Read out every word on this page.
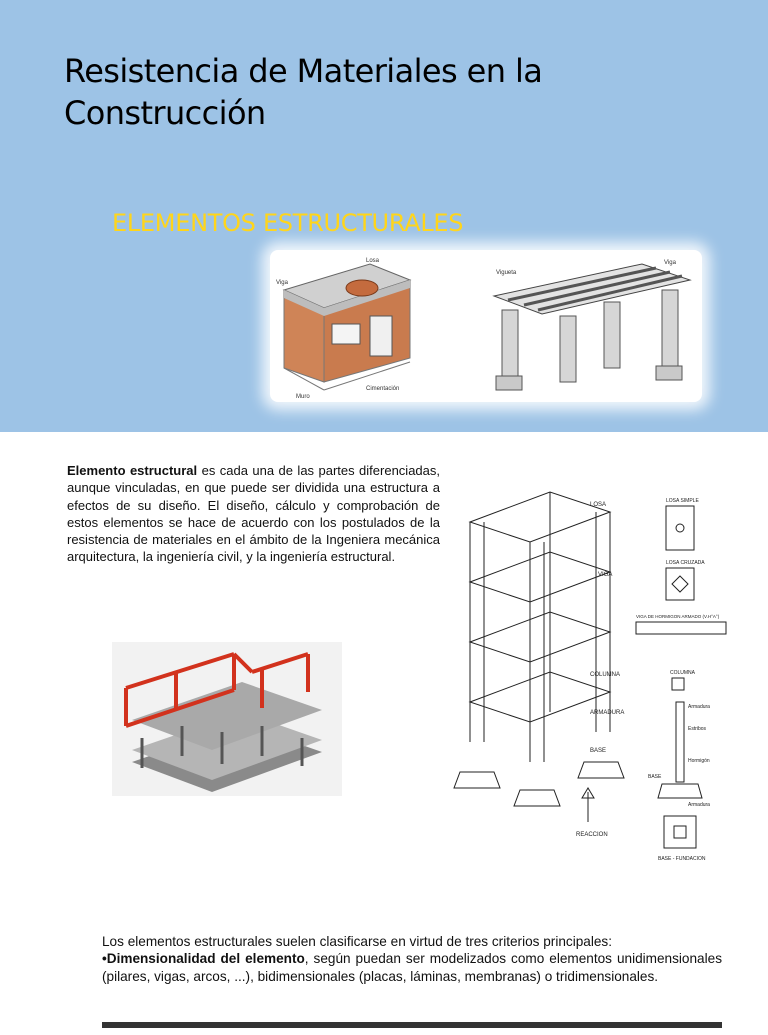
Resistencia de Materiales en la Construcción
ELEMENTOS ESTRUCTURALES
Losa
Viga
Muro
Cimentación
Vigueta
Viga

Elemento estructural es cada una de las partes diferenciadas, aunque vinculadas, en que puede ser dividida una estructura a efectos de su diseño. El diseño, cálculo y comprobación de estos elementos se hace de acuerdo con los postulados de la resistencia de materiales en el ámbito de la Ingeniera mecánica arquitectura, la ingeniería civil, y la ingeniería estructural.

LOSA
VIGA
COLUMNA
ARMADURA
BASE
REACCION
LOSA SIMPLE
LOSA CRUZADA
VIGA DE HORMIGON ARMADO (V.H°A°)
COLUMNA
Armadura
Estribos
Hormigón
BASE
Armadura
BASE - FUNDACION

Los elementos estructurales suelen clasificarse en virtud de tres criterios principales:

•Dimensionalidad del elemento, según puedan ser modelizados como elementos unidimensionales (pilares, vigas, arcos, ...), bidimensionales (placas, láminas, membranas) o tridimensionales.
